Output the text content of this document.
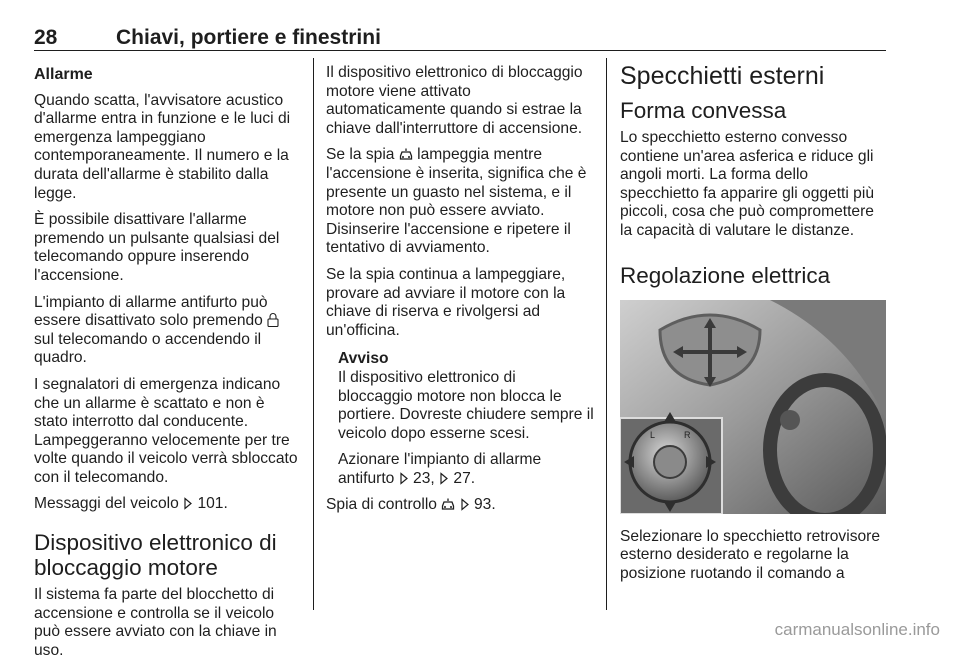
28	Chiavi, portiere e finestrini
Allarme

Quando scatta, l'avvisatore acustico d'allarme entra in funzione e le luci di emergenza lampeggiano contemporaneamente. Il numero e la durata dell'allarme è stabilito dalla legge.

È possibile disattivare l'allarme premendo un pulsante qualsiasi del telecomando oppure inserendo l'accensione.

L'impianto di allarme antifurto può essere disattivato solo premendo  sul telecomando o accendendo il quadro.

I segnalatori di emergenza indicano che un allarme è scattato e non è stato interrotto dal conducente. Lampeggeranno velocemente per tre volte quando il veicolo verrà sbloccato con il telecomando.

Messaggi del veicolo 101.

Dispositivo elettronico di bloccaggio motore

Il sistema fa parte del blocchetto di accensione e controlla se il veicolo può essere avviato con la chiave in uso.

Il dispositivo elettronico di bloccaggio motore viene attivato automaticamente quando si estrae la chiave dall'interruttore di accensione.

Se la spia lampeggia mentre l'accensione è inserita, significa che è presente un guasto nel sistema, e il motore non può essere avviato. Disinserire l'accensione e ripetere il tentativo di avviamento.

Se la spia continua a lampeggiare, provare ad avviare il motore con la chiave di riserva e rivolgersi ad un'officina.

Avviso

Il dispositivo elettronico di bloccaggio motore non blocca le portiere. Dovreste chiudere sempre il veicolo dopo esserne scesi.

Azionare l'impianto di allarme antifurto 23, 27.

Spia di controllo 93.

Specchietti esterni
Forma convessa

Lo specchietto esterno convesso contiene un'area asferica e riduce gli angoli morti. La forma dello specchietto fa apparire gli oggetti più piccoli, cosa che può compromettere la capacità di valutare le distanze.

Regolazione elettrica
L	R

Selezionare lo specchietto retrovisore esterno desiderato e regolarne la posizione ruotando il comando a

carmanualsonline.info
